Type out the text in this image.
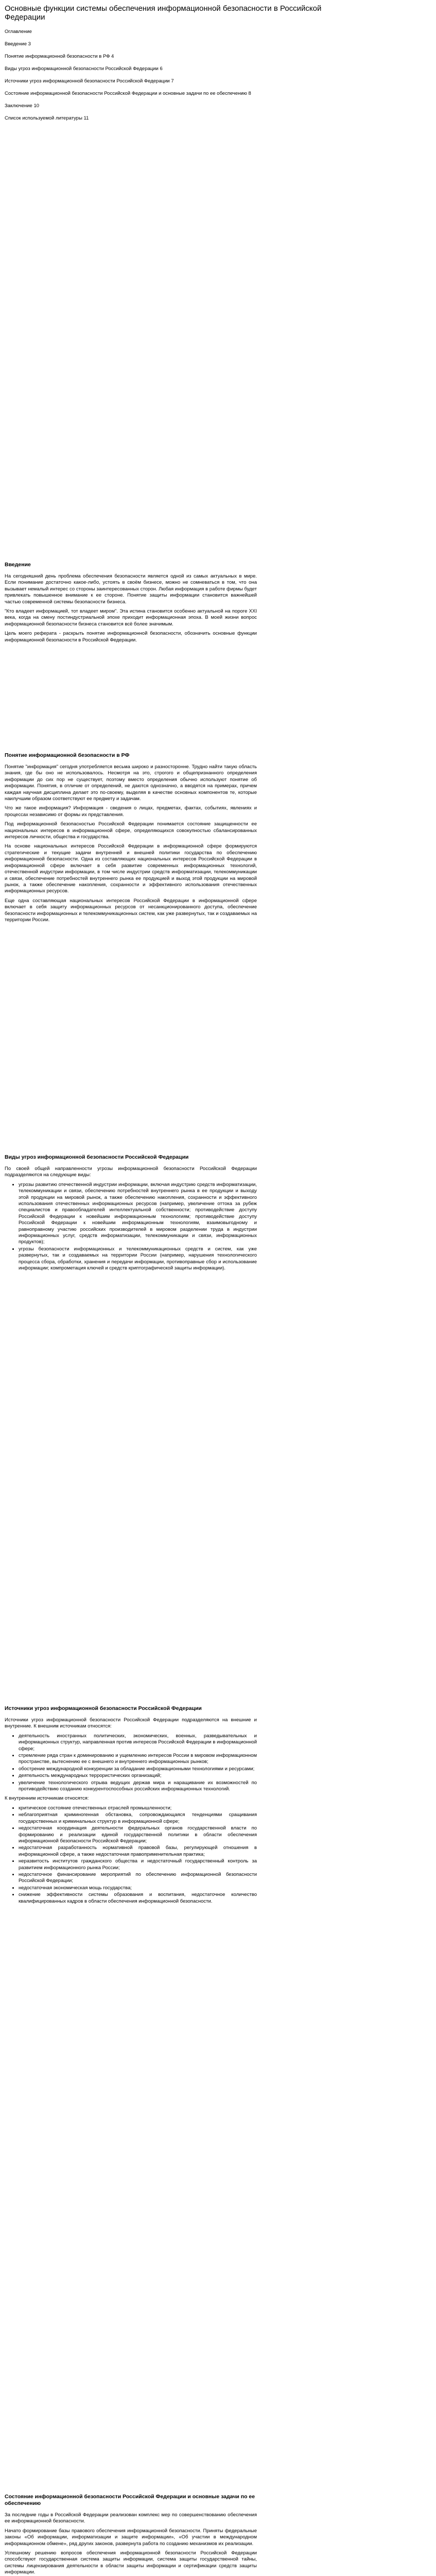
Основные функции системы обеспечения информационной безопасности в Российской Федерации
Оглавление
Введение 3
Понятие информационной безопасности в РФ 4
Виды угроз информационной безопасности Российской Федерации 6
Источники угроз информационной безопасности Российской Федерации 7
Состояние информационной безопасности Российской Федерации и основные задачи по ее обеспечению 8
Заключение 10
Список используемой литературы 11
Введение

На сегодняшний день проблема обеспечения безопасности является одной из самых актуальных в мире. Если понимание достаточно какое-либо, устоять в своём бизнесе, можно не сомневаться в том, что она вызывает немалый интерес со стороны заинтересованных сторон. Любая информация в работе фирмы будет привлекать повышенное внимание к ее стороне. Понятие защиты информации становится важнейшей частью современной системы безопасности бизнеса.

"Кто владеет информацией, тот владеет миром". Эта истина становится особенно актуальной на пороге XXI века, когда на смену постиндустриальной эпохе приходит информационная эпоха. В моей жизни вопрос информационной безопасности бизнеса становится всё более значимым.

Цель моего реферата - раскрыть понятие информационной безопасности, обозначить основные функции информационной безопасности в Российской Федерации.

Понятие информационной безопасности в РФ

Понятие "информация" сегодня употребляется весьма широко и разносторонне. Трудно найти такую область знания, где бы оно не использовалось. Несмотря на это, строгого и общепризнанного определения информации до сих пор не существует, поэтому вместо определения обычно используют понятие об информации. Понятия, в отличие от определений, не даются однозначно, а вводятся на примерах, причем каждая научная дисциплина делает это по-своему, выделяя в качестве основных компонентов те, которые наилучшим образом соответствуют ее предмету и задачам.

Что же такое информация? Информация - сведения о лицах, предметах, фактах, событиях, явлениях и процессах независимо от формы их представления.

Под информационной безопасностью Российской Федерации понимается состояние защищенности ее национальных интересов в информационной сфере, определяющихся совокупностью сбалансированных интересов личности, общества и государства.

На основе национальных интересов Российской Федерации в информационной сфере формируются стратегические и текущие задачи внутренней и внешней политики государства по обеспечению информационной безопасности. Одна из составляющих национальных интересов Российской Федерации в информационной сфере включает в себя развитие современных информационных технологий, отечественной индустрии информации, в том числе индустрии средств информатизации, телекоммуникации и связи, обеспечение потребностей внутреннего рынка ее продукцией и выход этой продукции на мировой рынок, а также обеспечение накопления, сохранности и эффективного использования отечественных информационных ресурсов.

Еще одна составляющая национальных интересов Российской Федерации в информационной сфере включает в себя защиту информационных ресурсов от несанкционированного доступа, обеспечение безопасности информационных и телекоммуникационных систем, как уже развернутых, так и создаваемых на территории России.

Виды угроз информационной безопасности Российской Федерации

По своей общей направленности угрозы информационной безопасности Российской Федерации подразделяются на следующие виды:

• угрозы развитию отечественной индустрии информации, включая индустрию средств информатизации, телекоммуникации и связи, обеспечению потребностей внутреннего рынка в ее продукции и выходу этой продукции на мировой рынок, а также обеспечению накопления, сохранности и эффективного использования отечественных информационных ресурсов (например, увеличение оттока за рубеж специалистов и правообладателей интеллектуальной собственности; противодействие доступу Российской Федерации к новейшим информационным технологиям; противодействие доступу Российской Федерации к новейшим информационным технологиям, взаимовыгодному и равноправному участию российских производителей в мировом разделении труда в индустрии информационных услуг, средств информатизации, телекоммуникации и связи, информационных продуктов);
• угрозы безопасности информационных и телекоммуникационных средств и систем, как уже развернутых, так и создаваемых на территории России (например, нарушения технологического процесса сбора, обработки, хранения и передачи информации, противоправные сбор и использование информации; компрометация ключей и средств криптографической защиты информации).
Источники угроз информационной безопасности Российской Федерации

Источники угроз информационной безопасности Российской Федерации подразделяются на внешние и внутренние. К внешним источникам относятся:

• деятельность иностранных политических, экономических, военных, разведывательных и информационных структур, направленная против интересов Российской Федерации в информационной сфере;
• стремление ряда стран к доминированию и ущемлению интересов России в мировом информационном пространстве, вытеснению ее с внешнего и внутреннего информационных рынков;
• обострение международной конкуренции за обладание информационными технологиями и ресурсами;
• деятельность международных террористических организаций;
• увеличение технологического отрыва ведущих держав мира и наращивание их возможностей по противодействию созданию конкурентоспособных российских информационных технологий.

К внутренним источникам относятся:

• критическое состояние отечественных отраслей промышленности;
• неблагоприятная криминогенная обстановка, сопровождающаяся тенденциями сращивания государственных и криминальных структур в информационной сфере;
• недостаточная координация деятельности федеральных органов государственной власти по формированию и реализации единой государственной политики в области обеспечения информационной безопасности Российской Федерации;
• недостаточная разработанность нормативной правовой базы, регулирующей отношения в информационной сфере, а также недостаточная правоприменительная практика;
• неразвитость институтов гражданского общества и недостаточный государственный контроль за развитием информационного рынка России;
• недостаточное финансирование мероприятий по обеспечению информационной безопасности Российской Федерации;
• недостаточная экономическая мощь государства;
• снижение эффективности системы образования и воспитания, недостаточное количество квалифицированных кадров в области обеспечения информационной безопасности.
Состояние информационной безопасности Российской Федерации и основные задачи по ее обеспечению

За последние годы в Российской Федерации реализован комплекс мер по совершенствованию обеспечения ее информационной безопасности.

Начато формирование базы правового обеспечения информационной безопасности. Приняты федеральные законы «Об информации, информатизации и защите информации», «Об участии в международном информационном обмене», ряд других законов, развернута работа по созданию механизмов их реализации.

Успешному решению вопросов обеспечения информационной безопасности Российской Федерации способствуют государственная система защиты информации, система защиты государственной тайны, системы лицензирования деятельности в области защиты информации и сертификации средств защиты информации.
